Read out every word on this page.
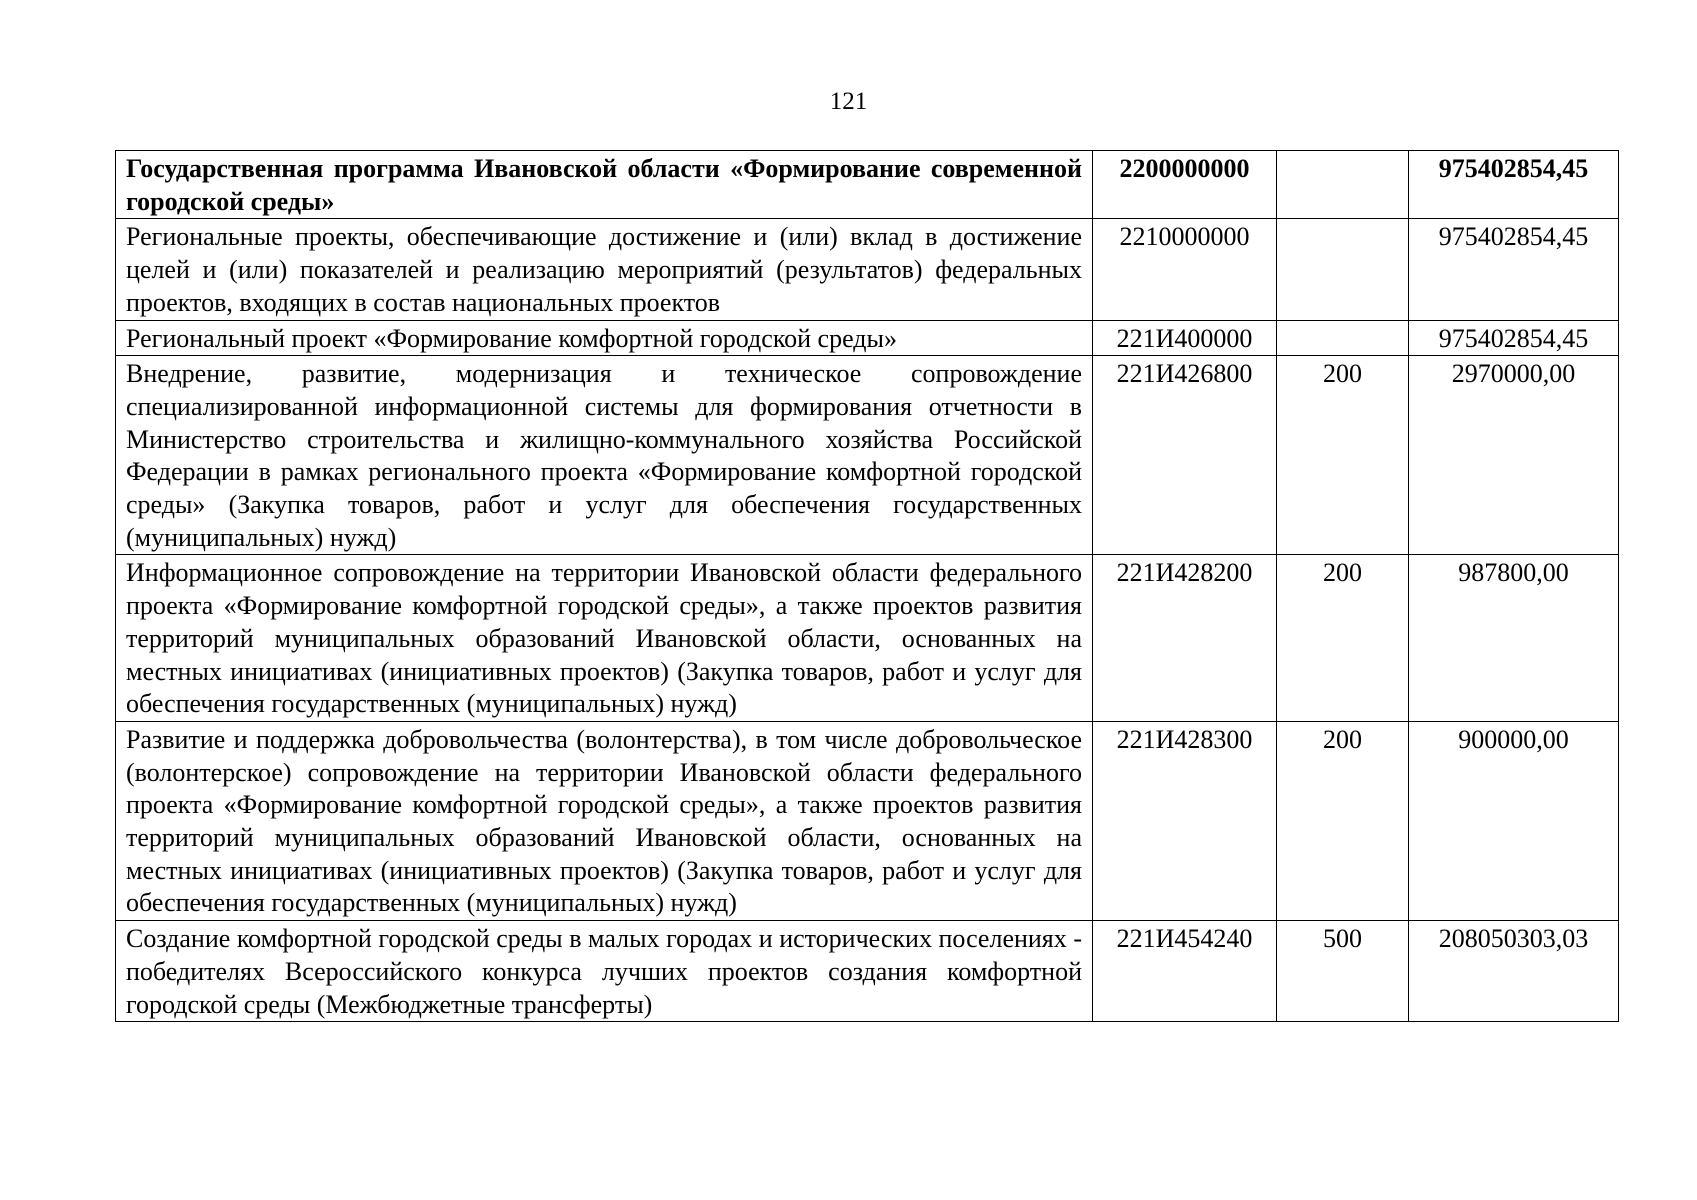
121
Государственная программа Ивановской области «Формирование современной городской среды»	2200000000		975402854,45
Региональные проекты, обеспечивающие достижение и (или) вклад в достижение целей и (или) показателей и реализацию мероприятий (результатов) федеральных проектов, входящих в состав национальных проектов	2210000000		975402854,45
Региональный проект «Формирование комфортной городской среды»	221И400000		975402854,45
Внедрение, развитие, модернизация и техническое сопровождение специализированной информационной системы для формирования отчетности в Министерство строительства и жилищно-коммунального хозяйства Российской Федерации в рамках регионального проекта «Формирование комфортной городской среды» (Закупка товаров, работ и услуг для обеспечения государственных (муниципальных) нужд)	221И426800	200	2970000,00
Информационное сопровождение на территории Ивановской области федерального проекта «Формирование комфортной городской среды», а также проектов развития территорий муниципальных образований Ивановской области, основанных на местных инициативах (инициативных проектов) (Закупка товаров, работ и услуг для обеспечения государственных (муниципальных) нужд)	221И428200	200	987800,00
Развитие и поддержка добровольчества (волонтерства), в том числе добровольческое (волонтерское) сопровождение на территории Ивановской области федерального проекта «Формирование комфортной городской среды», а также проектов развития территорий муниципальных образований Ивановской области, основанных на местных инициативах (инициативных проектов) (Закупка товаров, работ и услуг для обеспечения государственных (муниципальных) нужд)	221И428300	200	900000,00
Создание комфортной городской среды в малых городах и исторических поселениях - победителях Всероссийского конкурса лучших проектов создания комфортной городской среды (Межбюджетные трансферты)	221И454240	500	208050303,03
